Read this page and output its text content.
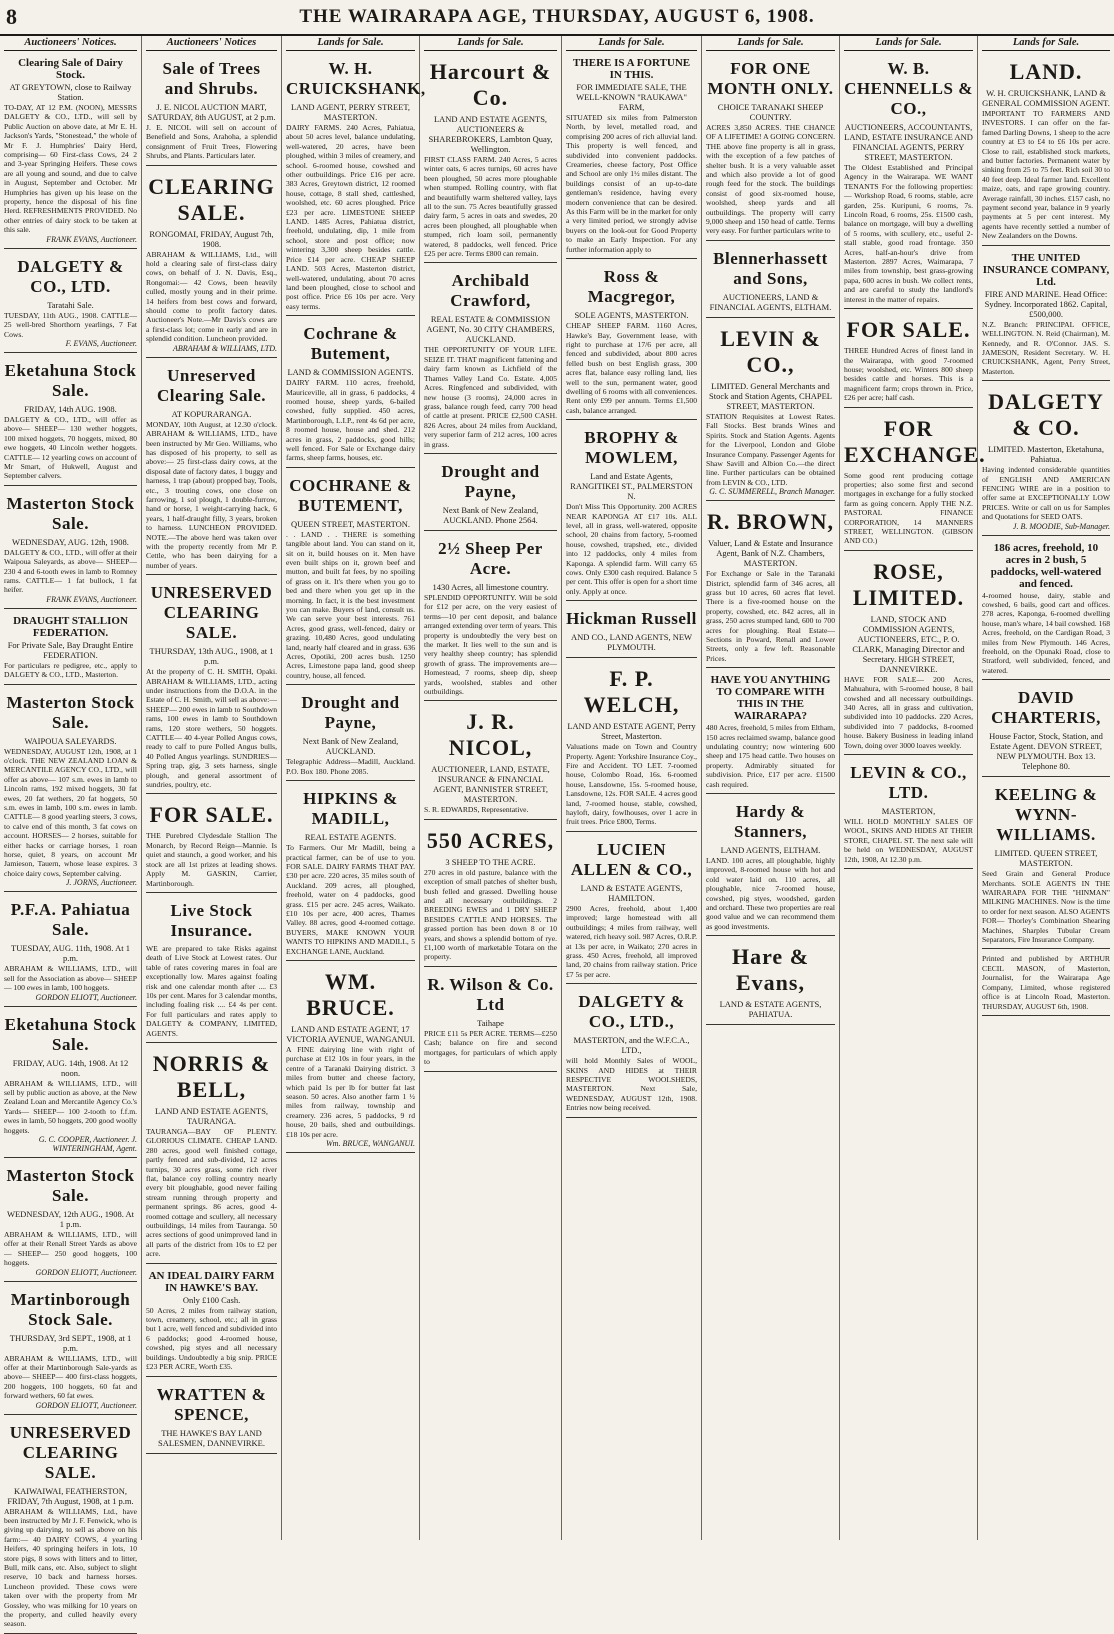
8	THE WAIRARAPA AGE, THURSDAY, AUGUST 6, 1908.
Auctioneers' Notices.
Clearing Sale of Dairy Stock.
AT GREYTOWN, close to Railway Station.

TO-DAY, AT 12 P.M. (NOON), MESSRS DALGETY & CO., LTD., will sell by Public Auction on above date, at Mr E. H. Jackson's Yards, "Stonestead," the whole of Mr F. J. Humphries' Dairy Herd, comprising— 60 First-class Cows, 24 2 and 3-year Springing Heifers. These cows are all young and sound, and due to calve in August, September and October. Mr Humphries has given up his lease on the property, hence the disposal of his fine Herd. REFRESHMENTS PROVIDED. No other entries of dairy stock to be taken at this sale.

FRANK EVANS, Auctioneer.
DALGETY & CO., LTD.
Taratahi Sale.

TUESDAY, 11th AUG., 1908. CATTLE— 25 well-bred Shorthorn yearlings, 7 Fat Cows.

F. EVANS, Auctioneer.
Eketahuna Stock Sale.
FRIDAY, 14th AUG. 1908.

DALGETY & CO., LTD., will offer as above— SHEEP— 130 wether hoggets, 100 mixed hoggets, 70 hoggets, mixed, 80 ewe hoggets, 40 Lincoln wether hoggets. CATTLE— 12 yearling cows on account of Mr Smart, of Hukwell, August and September calvers.

Masterton Stock Sale.
WEDNESDAY, AUG. 12th, 1908.

DALGETY & CO., LTD., will offer at their Waipoua Saleyards, as above— SHEEP— 230 4 and 6-tooth ewes in lamb to Romney rams. CATTLE— 1 fat bullock, 1 fat heifer.

FRANK EVANS, Auctioneer.
DRAUGHT STALLION FEDERATION.
For Private Sale, Bay Draught Entire FEDERATION.

For particulars re pedigree, etc., apply to DALGETY & CO., LTD., Masterton.

Masterton Stock Sale.
WAIPOUA SALEYARDS.

WEDNESDAY, AUGUST 12th, 1908, at 1 o'clock. THE NEW ZEALAND LOAN & MERCANTILE AGENCY CO., LTD., will offer as above— 107 s.m. ewes in lamb to Lincoln rams, 192 mixed hoggets, 30 fat ewes, 20 fat wethers, 20 fat hoggets, 50 s.m. ewes in lamb, 100 s.m. ewes in lamb. CATTLE— 8 good yearling steers, 3 cows, to calve end of this month, 3 fat cows on account. HORSES— 2 horses, suitable for either hacks or carriage horses, 1 roan horse, quiet, 8 years, on account Mr Jamieson, Tauern, whose lease expires. 3 choice dairy cows, September calving.

J. JORNS, Auctioneer.
P.F.A. Pahiatua Sale.
TUESDAY, AUG. 11th, 1908. At 1 p.m.

ABRAHAM & WILLIAMS, LTD., will sell for the Association as above— SHEEP— 100 ewes in lamb, 100 hoggets.

GORDON ELIOTT, Auctioneer.
Eketahuna Stock Sale.
FRIDAY, AUG. 14th, 1908. At 12 noon.

ABRAHAM & WILLIAMS, LTD., will sell by public auction as above, at the New Zealand Loan and Mercantile Agency Co.'s Yards— SHEEP— 100 2-tooth to f.f.m. ewes in lamb, 50 hoggets, 200 good woolly hoggets.

G. C. COOPER, Auctioneer. J. WINTERINGHAM, Agent.
Masterton Stock Sale.
WEDNESDAY, 12th AUG., 1908. At 1 p.m.

ABRAHAM & WILLIAMS, LTD., will offer at their Renall Street Yards as above— SHEEP— 250 good hoggets, 100 hoggets.

GORDON ELIOTT, Auctioneer.
Martinborough Stock Sale.
THURSDAY, 3rd SEPT., 1908, at 1 p.m.

ABRAHAM & WILLIAMS, LTD., will offer at their Martinborough Sale-yards as above— SHEEP— 400 first-class hoggets, 200 hoggets, 100 hoggets, 60 fat and forward wethers, 60 fat ewes.

GORDON ELIOTT, Auctioneer.
UNRESERVED CLEARING SALE.
KAIWAIWAI, FEATHERSTON, FRIDAY, 7th August, 1908, at 1 p.m.

ABRAHAM & WILLIAMS, Ltd., have been instructed by Mr J. F. Fenwick, who is giving up dairying, to sell as above on his farm:— 40 DAIRY COWS, 4 yearling Heifers, 40 springing heifers in lots, 10 store pigs, 8 sows with litters and to litter, Bull, milk cans, etc. Also, subject to slight reserve, 10 back and harness horses. Luncheon provided. These cows were taken over with the property from Mr Gossley, who was milking for 10 years on the property, and culled heavily every season.

Auctioneers' Notices
Sale of Trees and Shrubs.
J. E. NICOL AUCTION MART, SATURDAY, 8th AUGUST, at 2 p.m.

J. E. NICOL will sell on account of Benefield and Sons, Arahoha, a splendid consignment of Fruit Trees, Flowering Shrubs, and Plants. Particulars later.

CLEARING SALE.
RONGOMAI, FRIDAY, August 7th, 1908.

ABRAHAM & WILLIAMS, Ltd., will hold a clearing sale of first-class dairy cows, on behalf of J. N. Davis, Esq., Rongomai:— 42 Cows, been heavily culled, mostly young and in their prime. 14 heifers from best cows and forward, should come to profit factory dates. Auctioneer's Note.—Mr Davis's cows are a first-class lot; come in early and are in splendid condition. Luncheon provided.

ABRAHAM & WILLIAMS, LTD.
Unreserved Clearing Sale.
AT KOPURARANGA.

MONDAY, 10th August, at 12.30 o'clock. ABRAHAM & WILLIAMS, LTD., have been instructed by Mr Geo. Williams, who has disposed of his property, to sell as above:— 25 first-class dairy cows, at the disposal date of factory dates, 1 buggy and harness, 1 trap (about) propped bay, Tools, etc., 3 trouting cows, one close on farrowing, 1 sol plough, 1 double-furrow, hand or horse, 1 weight-carrying hack, 6 years, 1 half-draught filly, 3 years, broken to harness. LUNCHEON PROVIDED. NOTE.—The above herd was taken over with the property recently from Mr P. Cettle, who has been dairying for a number of years.

UNRESERVED CLEARING SALE.
THURSDAY, 13th AUG., 1908, at 1 p.m.

At the property of C. H. SMITH, Opaki. ABRAHAM & WILLIAMS, LTD., acting under instructions from the D.O.A. in the Estate of C. H. Smith, will sell as above:— SHEEP— 200 ewes in lamb to Southdown rams, 100 ewes in lamb to Southdown rams, 120 store wethers, 50 hoggets. CATTLE— 40 4-year Polled Angus cows, ready to calf to pure Polled Angus bulls, 40 Polled Angus yearlings. SUNDRIES—Spring trap, gig, 3 sets harness, single plough, and general assortment of sundries, poultry, etc.

FOR SALE.

THE Purebred Clydesdale Stallion The Monarch, by Record Reign—Mannie. Is quiet and staunch, a good worker, and his stock are all 1st prizes at leading shows. Apply M. GASKIN, Carrier, Martinborough.

Live Stock Insurance.

WE are prepared to take Risks against death of Live Stock at Lowest rates. Our table of rates covering mares in foal are exceptionally low. Mares against foaling risk and one calendar month after .... £3 10s per cent. Mares for 3 calendar months, including foaling risk .... £4 4s per cent. For full particulars and rates apply to DALGETY & COMPANY, LIMITED, AGENTS.

NORRIS & BELL,
LAND AND ESTATE AGENTS, TAURANGA.

TAURANGA—BAY OF PLENTY. GLORIOUS CLIMATE. CHEAP LAND. 280 acres, good well finished cottage, partly fenced and sub-divided, 12 acres turnips, 30 acres grass, some rich river flat, balance coy rolling country nearly every bit ploughable, good never failing stream running through property and permanent springs. 86 acres, good 4-roomed cottage and scullery, all necessary outbuildings, 14 miles from Tauranga. 50 acres sections of good unimproved land in all parts of the district from 10s to £2 per acre.

AN IDEAL DAIRY FARM IN HAWKE'S BAY.
Only £100 Cash.

50 Acres, 2 miles from railway station, town, creamery, school, etc.; all in grass but 1 acre, well fenced and subdivided into 6 paddocks; good 4-roomed house, cowshed, pig styes and all necessary buildings. Undoubtedly a big snip. PRICE £23 PER ACRE, Worth £35.

WRATTEN & SPENCE,
THE HAWKE'S BAY LAND SALESMEN, DANNEVIRKE.
Lands for Sale.
W. H. CRUICKSHANK,
LAND AGENT, PERRY STREET, MASTERTON.

DAIRY FARMS. 240 Acres, Pahiatua, about 50 acres level, balance undulating, well-watered, 20 acres, have been ploughed, within 3 miles of creamery, and school. 6-roomed house, cowshed and other outbuildings. Price £16 per acre. 383 Acres, Greytown district, 12 roomed house, cottage, 8 stall shed, cattleshed, woolshed, etc. 60 acres ploughed. Price £23 per acre. LIMESTONE SHEEP LAND. 1485 Acres, Pahiatua district, freehold, undulating, dip, 1 mile from school, store and post office; now wintering 3,300 sheep besides cattle. Price £14 per acre. CHEAP SHEEP LAND. 503 Acres, Masterton district, well-watered, undulating, about 70 acres land been ploughed, close to school and post office. Price £6 10s per acre. Very easy terms.

Cochrane & Butement,
LAND & COMMISSION AGENTS.

DAIRY FARM. 110 acres, freehold, Mauriceville, all in grass, 6 paddocks, 4 roomed house, sheep yards, 6-bailed cowshed, fully supplied. 450 acres, Martinborough, L.I.P., rent 4s 6d per acre, 8 roomed house, house and shed. 212 acres in grass, 2 paddocks, good hills; well fenced. For Sale or Exchange dairy farms, sheep farms, houses, etc.

COCHRANE & BUTEMENT,
QUEEN STREET, MASTERTON.

. . LAND . . THERE is something tangible about land. You can stand on it, sit on it, build houses on it. Men have even built ships on it, grown beef and mutton, and built fat fees, by no spoiling of grass on it. It's there when you go to bed and there when you get up in the morning. In fact, it is the best investment you can make. Buyers of land, consult us. We can serve your best interests. 761 Acres, good grass, well-fenced, dairy or grazing. 10,480 Acres, good undulating land, nearly half cleared and in grass. 636 Acres, Opotiki, 200 acres bush. 1250 Acres, Limestone papa land, good sheep country, house, all fenced.

Drought and Payne,
Next Bank of New Zealand, AUCKLAND.

Telegraphic Address—Madill, Auckland. P.O. Box 180. Phone 2085.

HIPKINS & MADILL,
REAL ESTATE AGENTS.

To Farmers. Our Mr Madill, being a practical farmer, can be of use to you. FOR SALE. DAIRY FARMS THAT PAY. £30 per acre. 220 acres, 35 miles south of Auckland. 209 acres, all ploughed, freehold, water on 4 paddocks, good grass. £15 per acre. 245 acres, Waikato. £10 10s per acre, 400 acres, Thames Valley. 88 acres, good 4-roomed cottage. BUYERS, MAKE KNOWN YOUR WANTS TO HIPKINS AND MADILL, 5 EXCHANGE LANE, Auckland.

WM. BRUCE.
LAND AND ESTATE AGENT, 17 VICTORIA AVENUE, WANGANUI.

A FINE dairying line with right of purchase at £12 10s in four years, in the centre of a Taranaki Dairying district. 3 miles from butter and cheese factory, which paid 1s per lb for butter fat last season. 50 acres. Also another farm 1 ½ miles from railway, township and creamery. 236 acres, 5 paddocks, 9 rd house, 20 bails, shed and outbuildings. £18 10s per acre.

Wm. BRUCE, WANGANUI.
Lands for Sale.
Harcourt & Co.
LAND AND ESTATE AGENTS, AUCTIONEERS & SHAREBROKERS, Lambton Quay, Wellington.

FIRST CLASS FARM. 240 Acres, 5 acres winter oats, 6 acres turnips, 60 acres have been ploughed, 50 acres more ploughable when stumped. Rolling country, with flat and beautifully warm sheltered valley, lays all to the sun. 75 Acres beautifully grassed dairy farm, 5 acres in oats and swedes, 20 acres been ploughed, all ploughable when stumped, rich loam soil, permanently watered, 8 paddocks, well fenced. Price £25 per acre. Terms £800 can remain.

Archibald Crawford,
REAL ESTATE & COMMISSION AGENT, No. 30 CITY CHAMBERS, AUCKLAND.

THE OPPORTUNITY OF YOUR LIFE. SEIZE IT. THAT magnificent fattening and dairy farm known as Lichfield of the Thames Valley Land Co. Estate. 4,005 Acres. Ringfenced and subdivided, with new house (3 rooms), 24,000 acres in grass, balance rough feed, carry 700 head of cattle at present. PRICE £2,500 CASH. 826 Acres, about 24 miles from Auckland, very superior farm of 212 acres, 100 acres in grass.

Drought and Payne,
Next Bank of New Zealand, AUCKLAND. Phone 2564.
2½ Sheep Per Acre.
1430 Acres, all limestone country.

SPLENDID OPPORTUNITY. Will be sold for £12 per acre, on the very easiest of terms—10 per cent deposit, and balance arranged extending over term of years. This property is undoubtedly the very best on the market. It lies well to the sun and is very healthy sheep country; has splendid growth of grass. The improvements are—Homestead, 7 rooms, sheep dip, sheep yards, woolshed, stables and other outbuildings.

J. R. NICOL,
AUCTIONEER, LAND, ESTATE, INSURANCE & FINANCIAL AGENT, BANNISTER STREET, MASTERTON.

S. R. EDWARDS, Representative.

550 ACRES,
3 SHEEP TO THE ACRE.

270 acres in old pasture, balance with the exception of small patches of shelter bush, bush felled and grassed. Dwelling house and all necessary outbuildings. 2 BREEDING EWES and 1 DRY SHEEP BESIDES CATTLE AND HORSES. The grassed portion has been down 8 or 10 years, and shows a splendid bottom of rye. £1,100 worth of marketable Totara on the property.

R. Wilson & Co. Ltd
Taihape

PRICE £11 5s PER ACRE. TERMS—£250 Cash; balance on fire and second mortgages, for particulars of which apply to

Lands for Sale.
THERE IS A FORTUNE IN THIS.
FOR IMMEDIATE SALE, THE WELL-KNOWN "RAUKAWA" FARM,

SITUATED six miles from Palmerston North, by level, metalled road, and comprising 200 acres of rich alluvial land. This property is well fenced, and subdivided into convenient paddocks. Creameries, cheese factory, Post Office and School are only 1½ miles distant. The buildings consist of an up-to-date gentleman's residence, having every modern convenience that can be desired. As this Farm will be in the market for only a very limited period, we strongly advise buyers on the look-out for Good Property to make an Early Inspection. For any further information apply to

Ross & Macgregor,
SOLE AGENTS, MASTERTON.

CHEAP SHEEP FARM. 1160 Acres, Hawke's Bay, Government lease, with right to purchase at 17/6 per acre, all fenced and subdivided, about 800 acres felled bush on best English grass, 300 acres flat, balance easy rolling land, lies well to the sun, permanent water, good dwelling of 6 rooms with all conveniences. Rent only £99 per annum. Terms £1,500 cash, balance arranged.

BROPHY & MOWLEM,
Land and Estate Agents, RANGITIKEI ST., PALMERSTON N.

Don't Miss This Opportunity. 200 ACRES NEAR KAPONGA AT £17 10s. ALL level, all in grass, well-watered, opposite school, 20 chains from factory, 5-roomed house, cowshed, trapshed, etc., divided into 12 paddocks, only 4 miles from Kaponga. A splendid farm. Will carry 65 cows. Only £300 cash required. Balance 5 per cent. This offer is open for a short time only. Apply at once.

Hickman Russell
AND CO., LAND AGENTS, NEW PLYMOUTH.
F. P. WELCH,
LAND AND ESTATE AGENT, Perry Street, Masterton.

Valuations made on Town and Country Property. Agent: Yorkshire Insurance Coy., Fire and Accident. TO LET. 7-roomed house, Colombo Road, 16s. 6-roomed house, Lansdowne, 15s. 5-roomed house, Lansdowne, 12s. FOR SALE. 4 acres good land, 7-roomed house, stable, cowshed, hayloft, dairy, fowlhouses, over 1 acre in fruit trees. Price £800, Terms.

LUCIEN ALLEN & CO.,
LAND & ESTATE AGENTS, HAMILTON.

2900 Acres, freehold, about 1,400 improved; large homestead with all outbuildings; 4 miles from railway, well watered, rich heavy soil. 987 Acres, O.R.P. at 13s per acre, in Waikato; 270 acres in grass. 450 Acres, freehold, all improved land, 20 chains from railway station. Price £7 5s per acre.

DALGETY & CO., LTD.,
MASTERTON, and the W.F.C.A., LTD.,

will hold Monthly Sales of WOOL, SKINS AND HIDES at THEIR RESPECTIVE WOOLSHEDS, MASTERTON. Next Sale, WEDNESDAY, AUGUST 12th, 1908. Entries now being received.

Lands for Sale.
FOR ONE MONTH ONLY.
CHOICE TARANAKI SHEEP COUNTRY.

ACRES 3,850 ACRES. THE CHANCE OF A LIFETIME! A GOING CONCERN. THE above fine property is all in grass, with the exception of a few patches of shelter bush. It is a very valuable asset and which also provide a lot of good rough feed for the stock. The buildings consist of good six-roomed house, woolshed, sheep yards and all outbuildings. The property will carry 9,000 sheep and 150 head of cattle. Terms very easy. For further particulars write to

Blennerhassett and Sons,
AUCTIONEERS, LAND & FINANCIAL AGENTS, ELTHAM.
LEVIN & CO.,
LIMITED. General Merchants and Stock and Station Agents, CHAPEL STREET, MASTERTON.

STATION Requisites at Lowest Rates. Fall Stocks. Best brands Wines and Spirits. Stock and Station Agents. Agents for the Liverpool, London and Globe Insurance Company. Passenger Agents for Shaw Savill and Albion Co.—the direct line. Further particulars can be obtained from LEVIN & CO., LTD.

G. C. SUMMERELL, Branch Manager.
R. BROWN,
Valuer, Land & Estate and Insurance Agent, Bank of N.Z. Chambers, MASTERTON.

For Exchange or Sale in the Taranaki District, splendid farm of 346 acres, all grass but 10 acres, 60 acres flat level. There is a five-roomed house on the property, cowshed, etc. 842 acres, all in grass, 250 acres stumped land, 600 to 700 acres for ploughing. Real Estate—Sections in Poward, Renall and Lower Streets, only a few left. Reasonable Prices.

HAVE YOU ANYTHING TO COMPARE WITH THIS IN THE WAIRARAPA?

480 Acres, freehold, 5 miles from Eltham, 150 acres reclaimed swamp, balance good undulating country; now wintering 600 sheep and 175 head cattle. Two houses on property. Admirably situated for subdivision. Price, £17 per acre. £1500 cash required.

Hardy & Stanners,
LAND AGENTS, ELTHAM.

LAND. 100 acres, all ploughable, highly improved, 8-roomed house with hot and cold water laid on. 110 acres, all ploughable, nice 7-roomed house, cowshed, pig styes, woodshed, garden and orchard. These two properties are real good value and we can recommend them as good investments.

Hare & Evans,
LAND & ESTATE AGENTS, PAHIATUA.
Lands for Sale.
W. B. CHENNELLS & CO.,
AUCTIONEERS, ACCOUNTANTS, LAND, ESTATE INSURANCE AND FINANCIAL AGENTS, PERRY STREET, MASTERTON.

The Oldest Established and Principal Agency in the Wairarapa. WE WANT TENANTS For the following properties:— Workshop Road, 6 rooms, stable, acre garden, 25s. Kuripuni, 6 rooms, 7s. Lincoln Road, 6 rooms, 25s. £1500 cash, balance on mortgage, will buy a dwelling of 5 rooms, with scullery, etc., useful 2-stall stable, good road frontage. 350 Acres, half-an-hour's drive from Masterton. 2897 Acres, Waimarapa, 7 miles from township, best grass-growing papa, 600 acres in bush. We collect rents, and are careful to study the landlord's interest in the matter of repairs.

FOR SALE.

THREE Hundred Acres of finest land in the Wairarapa, with good 7-roomed house; woolshed, etc. Winters 800 sheep besides cattle and horses. This is a magnificent farm; crops thrown in. Price, £26 per acre; half cash.

FOR EXCHANGE.

Some good rent producing cottage properties; also some first and second mortgages in exchange for a fully stocked farm as going concern. Apply THE N.Z. PASTORAL FINANCE CORPORATION, 14 MANNERS STREET, WELLINGTON. (GIBSON AND CO.)

ROSE, LIMITED.
LAND, STOCK AND COMMISSION AGENTS, AUCTIONEERS, ETC., P. O. CLARK, Managing Director and Secretary. HIGH STREET, DANNEVIRKE.

HAVE FOR SALE— 200 Acres, Mahuahura, with 5-roomed house, 8 bail cowshed and all necessary outbuildings. 340 Acres, all in grass and cultivation, subdivided into 10 paddocks. 220 Acres, subdivided into 7 paddocks, 8-roomed house. Bakery Business in leading inland Town, doing over 3000 loaves weekly.

LEVIN & CO., LTD.
MASTERTON,

WILL HOLD MONTHLY SALES OF WOOL, SKINS AND HIDES AT THEIR STORE, CHAPEL ST. The next sale will be held on WEDNESDAY, AUGUST 12th, 1908, At 12.30 p.m.

Lands for Sale.
LAND.
W. H. CRUICKSHANK, LAND & GENERAL COMMISSION AGENT.

IMPORTANT TO FARMERS AND INVESTORS. I can offer on the far-famed Darling Downs, 1 sheep to the acre country at £3 to £4 to £6 10s per acre. Close to rail, established stock markets, and butter factories. Permanent water by sinking from 25 to 75 feet. Rich soil 30 to 40 feet deep. Ideal farmer land. Excellent maize, oats, and rape growing country. Average rainfall, 30 inches. £157 cash, no payment second year, balance in 9 yearly payments at 5 per cent interest. My agents have recently settled a number of New Zealanders on the Downs.

THE UNITED INSURANCE COMPANY, Ltd.
FIRE AND MARINE. Head Office: Sydney. Incorporated 1862. Capital, £500,000.

N.Z. Branch: PRINCIPAL OFFICE, WELLINGTON. N. Reid (Chairman), M. Kennedy, and R. O'Connor. JAS. S. JAMESON, Resident Secretary. W. H. CRUICKSHANK, Agent, Perry Street, Masterton.

DALGETY & CO.
LIMITED. Masterton, Eketahuna, Pahiatua.

Having indented considerable quantities of ENGLISH AND AMERICAN FENCING WIRE are in a position to offer same at EXCEPTIONALLY LOW PRICES. Write or call on us for Samples and Quotations for SEED OATS.

J. B. MOODIE, Sub-Manager.
186 acres, freehold, 10 acres in 2 bush, 5 paddocks, well-watered and fenced.

4-roomed house, dairy, stable and cowshed, 6 bails, good cart and offices. 278 acres, Kaponga, 6-roomed dwelling house, man's whare, 14 bail cowshed. 168 Acres, freehold, on the Cardigan Road, 3 miles from New Plymouth. 146 Acres, freehold, on the Opunaki Road, close to Stratford, well subdivided, fenced, and watered.

DAVID CHARTERIS,
House Factor, Stock, Station, and Estate Agent. DEVON STREET, NEW PLYMOUTH. Box 13. Telephone 80.
KEELING & WYNN-WILLIAMS.
LIMITED. QUEEN STREET, MASTERTON.

Seed Grain and General Produce Merchants. SOLE AGENTS IN THE WAIRARAPA FOR THE "HINMAN" MILKING MACHINES. Now is the time to order for next season. ALSO AGENTS FOR— Thorley's Combination Shearing Machines, Sharples Tubular Cream Separators, Fire Insurance Company.

Printed and published by ARTHUR CECIL MASON, of Masterton, Journalist, for the Wairarapa Age Company, Limited, whose registered office is at Lincoln Road, Masterton. THURSDAY, AUGUST 6th, 1908.
